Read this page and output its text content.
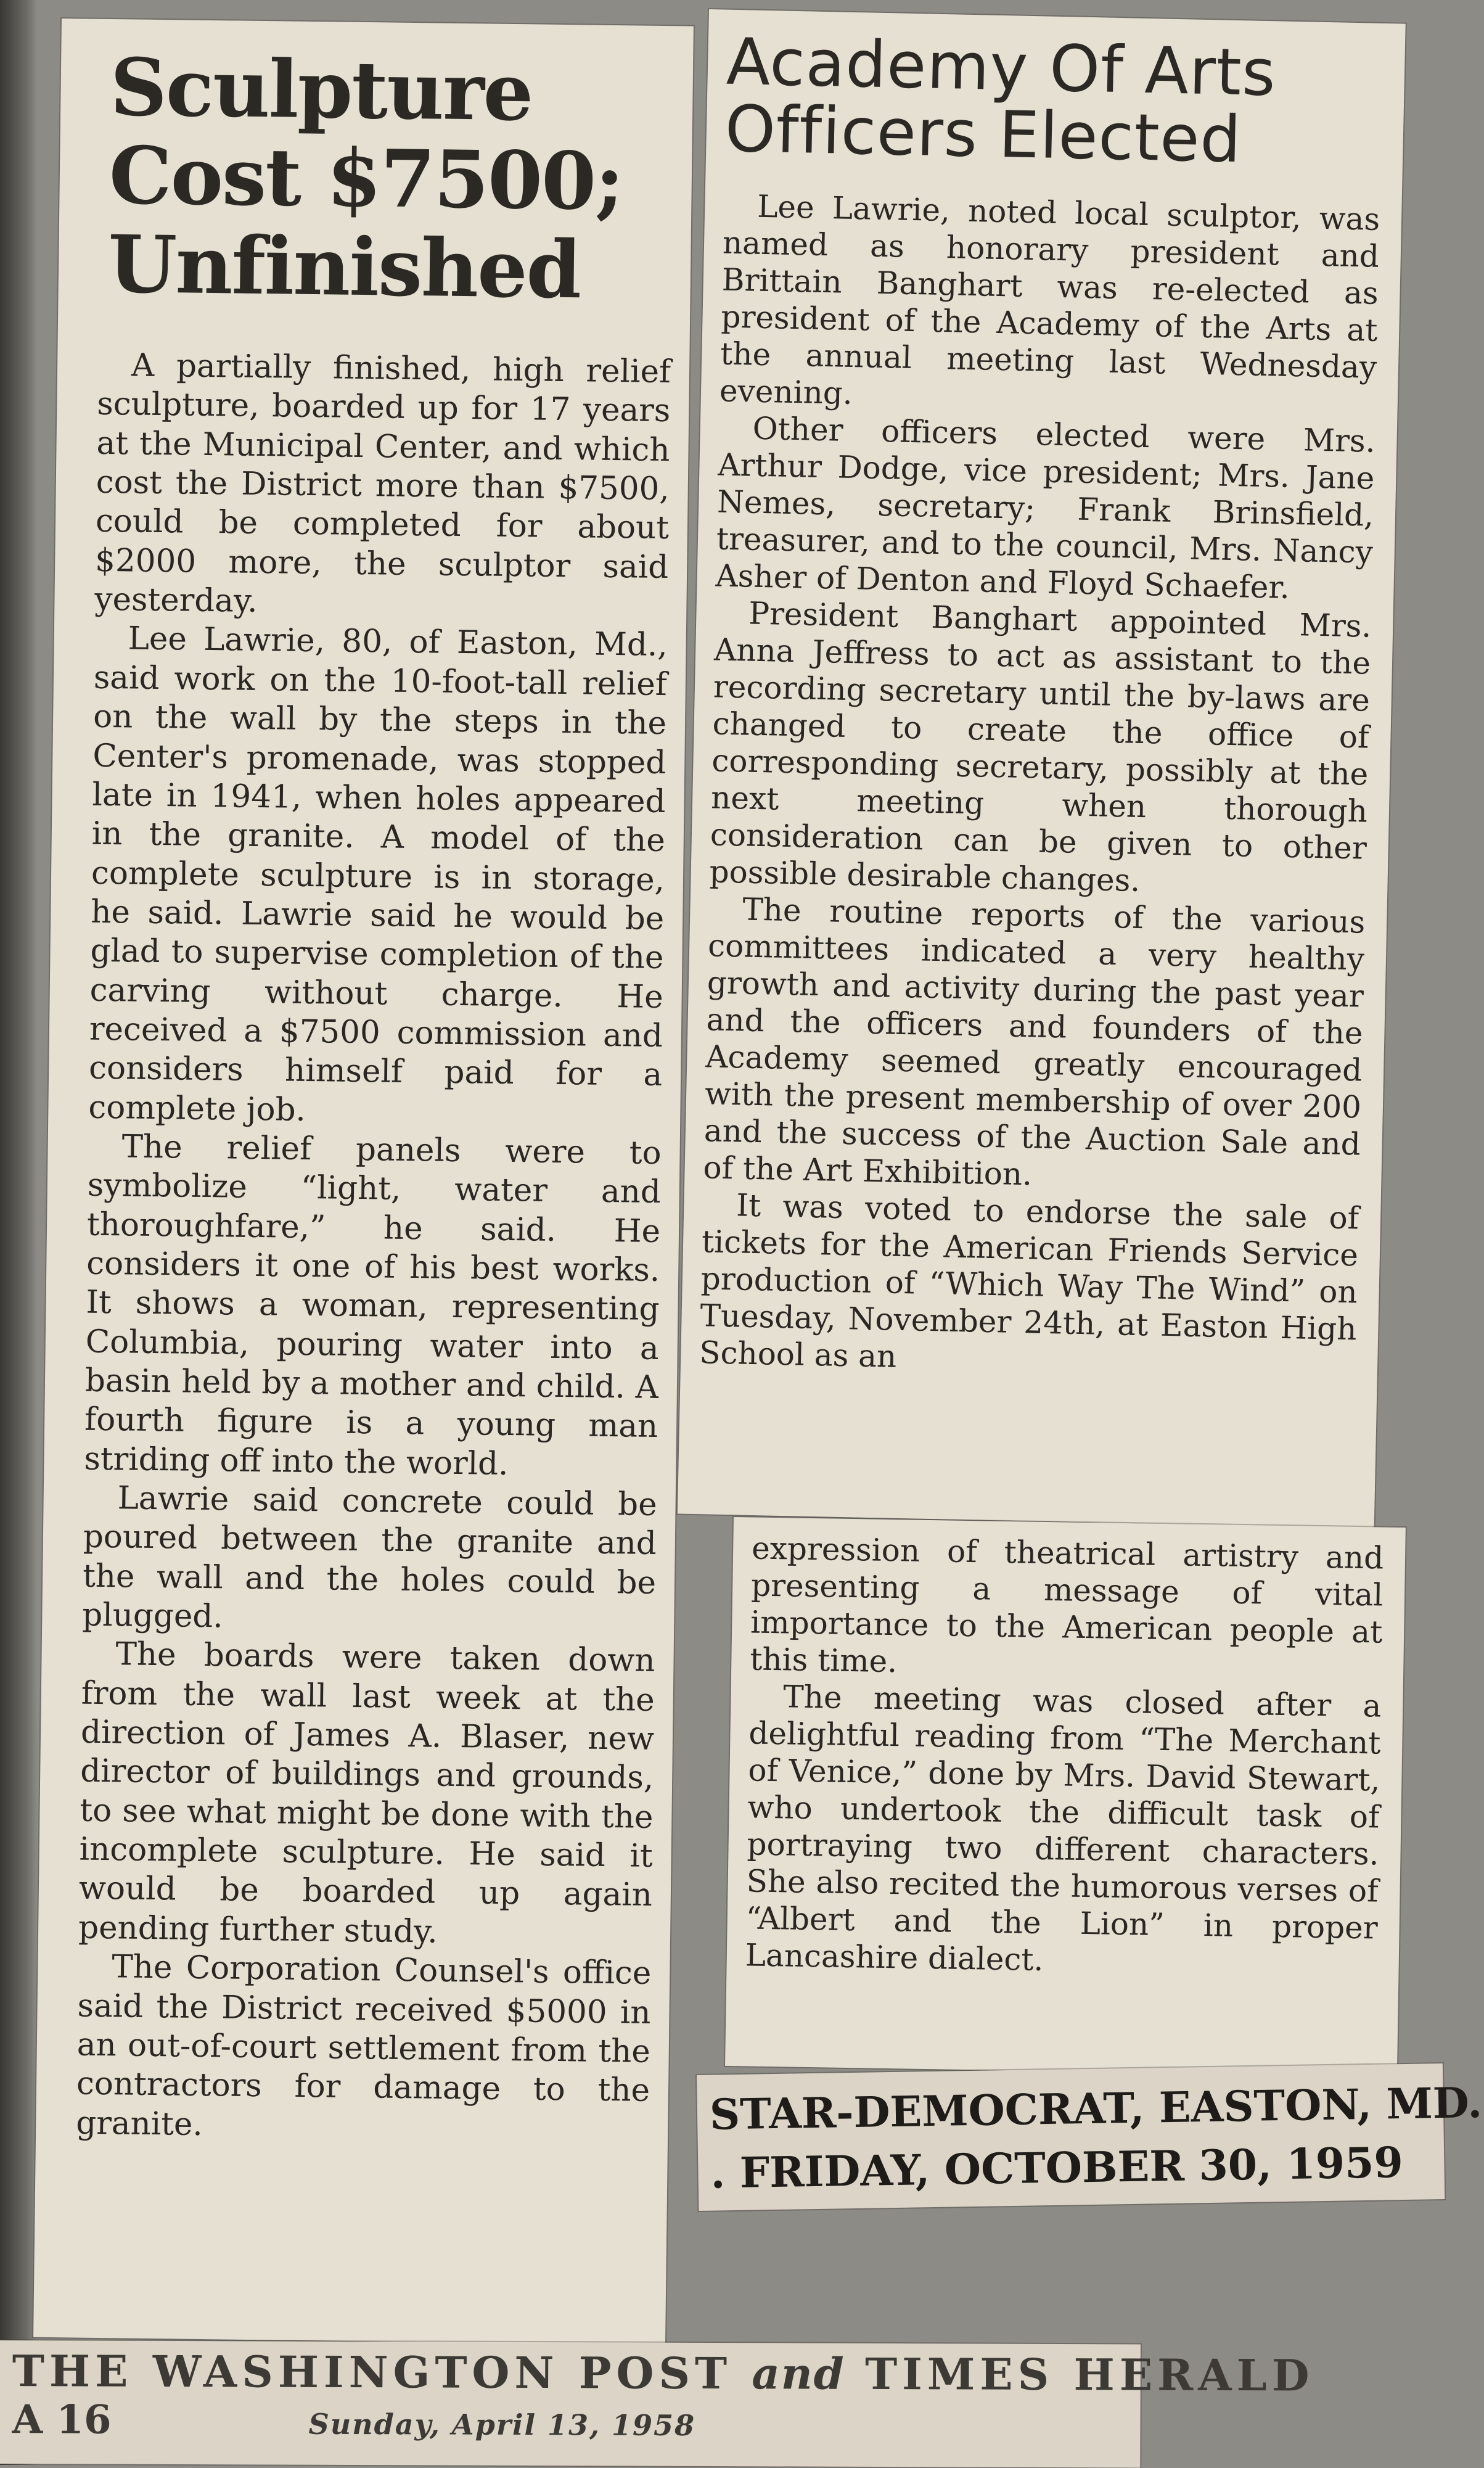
Sculpture
Cost $7500;
Unfinished

A partially finished, high relief sculpture, boarded up for 17 years at the Municipal Center, and which cost the District more than $7500, could be completed for about $2000 more, the sculptor said yesterday.

Lee Lawrie, 80, of Easton, Md., said work on the 10-foot-tall relief on the wall by the steps in the Center's promenade, was stopped late in 1941, when holes appeared in the granite. A model of the complete sculpture is in storage, he said. Lawrie said he would be glad to supervise completion of the carving without charge. He received a $7500 commission and considers himself paid for a complete job.

The relief panels were to symbolize “light, water and thoroughfare,” he said. He considers it one of his best works. It shows a woman, representing Columbia, pouring water into a basin held by a mother and child. A fourth figure is a young man striding off into the world.

Lawrie said concrete could be poured between the granite and the wall and the holes could be plugged.

The boards were taken down from the wall last week at the direction of James A. Blaser, new director of buildings and grounds, to see what might be done with the incomplete sculpture. He said it would be boarded up again pending further study.

The Corporation Counsel's office said the District received $5000 in an out-of-court settlement from the contractors for damage to the granite.

Academy Of Arts
Officers Elected

Lee Lawrie, noted local sculptor, was named as honorary president and Brittain Banghart was re-elected as president of the Academy of the Arts at the annual meeting last Wednesday evening.

Other officers elected were Mrs. Arthur Dodge, vice president; Mrs. Jane Nemes, secretary; Frank Brinsfield, treasurer, and to the council, Mrs. Nancy Asher of Denton and Floyd Schaefer.

President Banghart appointed Mrs. Anna Jeffress to act as assistant to the recording secretary until the by-laws are changed to create the office of corresponding secretary, possibly at the next meeting when thorough consideration can be given to other possible desirable changes.

The routine reports of the various committees indicated a very healthy growth and activity during the past year and the officers and founders of the Academy seemed greatly encouraged with the present membership of over 200 and the success of the Auction Sale and of the Art Exhibition.

It was voted to endorse the sale of tickets for the American Friends Service production of “Which Way The Wind” on Tuesday, November 24th, at Easton High School as an

expression of theatrical artistry and presenting a message of vital importance to the American people at this time.

The meeting was closed after a delightful reading from “The Merchant of Venice,” done by Mrs. David Stewart, who undertook the difficult task of portraying two different characters. She also recited the humorous verses of “Albert and the Lion” in proper Lancashire dialect.

STAR-DEMOCRAT, EASTON, MD.
. FRIDAY, OCTOBER 30, 1959
THE WASHINGTON POST and TIMES HERALD
A 16	Sunday, April 13, 1958
